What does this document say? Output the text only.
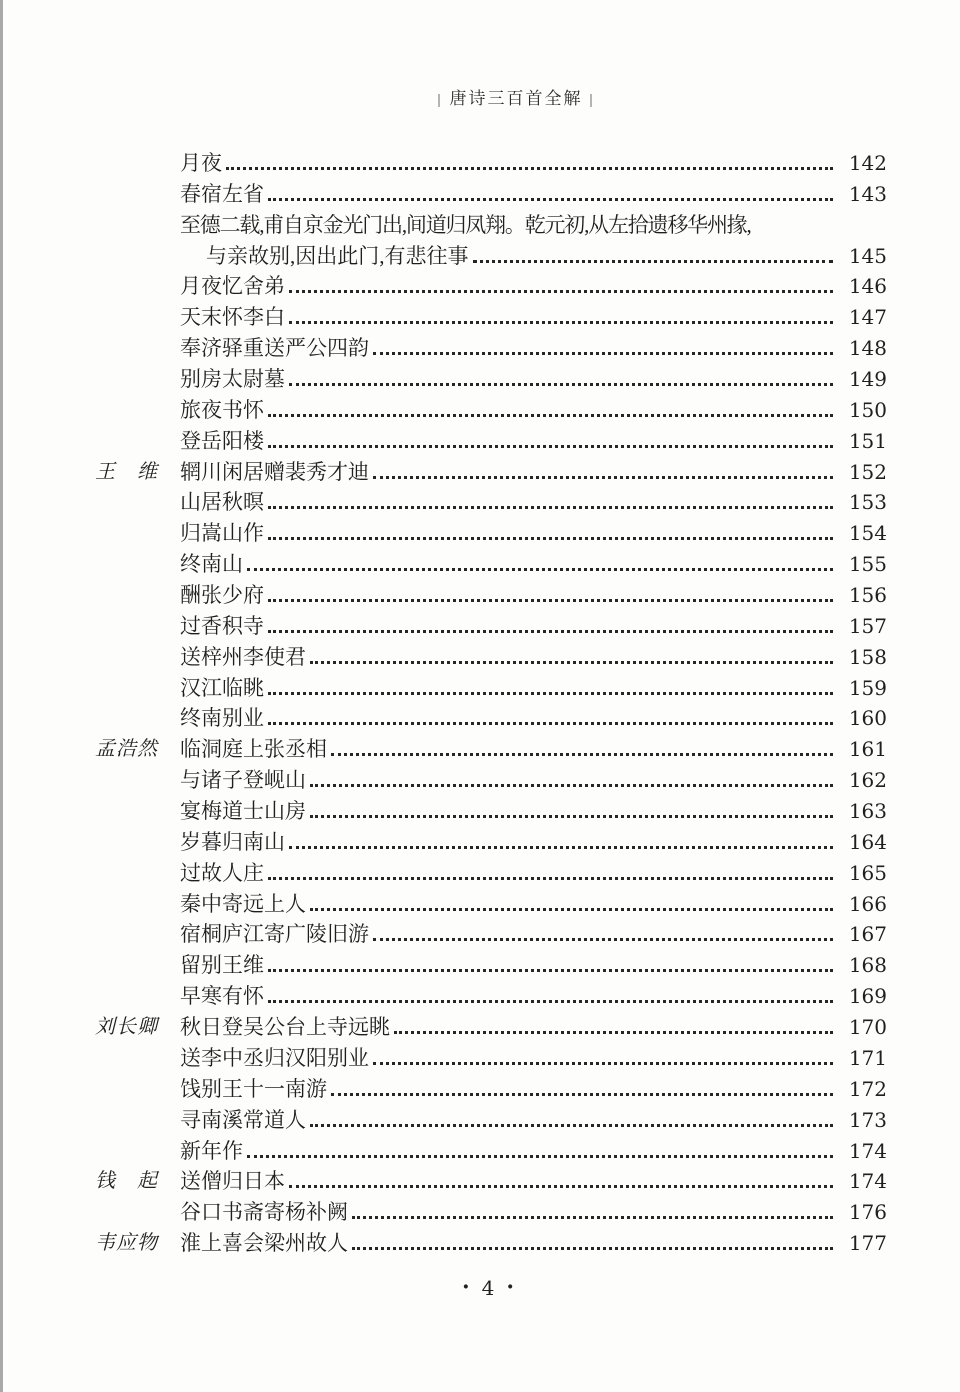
| 唐诗三百首全解 |
月夜	142
春宿左省	143
至德二载,甫自京金光门出,间道归凤翔。乾元初,从左拾遗移华州掾,
与亲故别,因出此门,有悲往事	145
月夜忆舍弟	146
天末怀李白	147
奉济驿重送严公四韵	148
别房太尉墓	149
旅夜书怀	150
登岳阳楼	151
王　维	辋川闲居赠裴秀才迪	152
山居秋暝	153
归嵩山作	154
终南山	155
酬张少府	156
过香积寺	157
送梓州李使君	158
汉江临眺	159
终南别业	160
孟浩然	临洞庭上张丞相	161
与诸子登岘山	162
宴梅道士山房	163
岁暮归南山	164
过故人庄	165
秦中寄远上人	166
宿桐庐江寄广陵旧游	167
留别王维	168
早寒有怀	169
刘长卿	秋日登吴公台上寺远眺	170
送李中丞归汉阳别业	171
饯别王十一南游	172
寻南溪常道人	173
新年作	174
钱　起	送僧归日本	174
谷口书斋寄杨补阙	176
韦应物	淮上喜会梁州故人	177
· 4 ·
